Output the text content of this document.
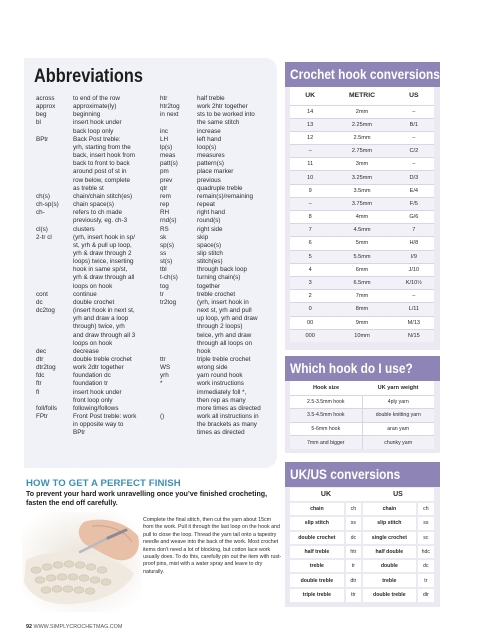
Abbreviations
across	to end of the row
approx	approximate(ly)
beg	beginning
bl	insert hook under
back loop only
BPtr	Back Post treble:
yrh, starting from the
back, insert hook from
back to front to back
around post of st in
row below, complete
as treble st
ch(s)	chain/chain stitch(es)
ch-sp(s)	chain space(s)
ch-	refers to ch made
previously, eg. ch-3
cl(s)	clusters
2-tr cl	(yrh, insert hook in sp/
st, yrh & pull up loop,
yrh & draw through 2
loops) twice, inserting
hook in same sp/st,
yrh & draw through all
loops on hook
cont	continue
dc	double crochet
dc2tog	(insert hook in next st,
yrh and draw a loop
through) twice, yrh
and draw through all 3
loops on hook
dec	decrease
dtr	double treble crochet
dtr2tog	work 2dtr together
fdc	foundation dc
ftr	foundation tr
fl	insert hook under
front loop only
foll/folls	following/follows
FPtr	Front Post treble: work
in opposite way to
BPtr
htr	half treble
htr2tog	work 2htr together
in next	sts to be worked into
the same stitch
inc	increase
LH	left hand
lp(s)	loop(s)
meas	measures
patt(s)	pattern(s)
pm	place marker
prev	previous
qtr	quadruple treble
rem	remain(s)/remaining
rep	repeat
RH	right hand
rnd(s)	round(s)
RS	right side
sk	skip
sp(s)	space(s)
ss	slip stitch
st(s)	stitch(es)
tbl	through back loop
t-ch(s)	turning chain(s)
tog	together
tr	treble crochet
tr2tog	(yrh, insert hook in
next st, yrh and pull
up loop, yrh and draw
through 2 loops)
twice, yrh and draw
through all loops on
hook
ttr	triple treble crochet
WS	wrong side
yrh	yarn round hook
*	work instructions
immediately foll *,
then rep as many
more times as directed
()	work all instructions in
the brackets as many
times as directed
Crochet hook conversions
UK	METRIC	US
14	2mm	–
13	2.25mm	B/1
12	2.5mm	–
–	2.75mm	C/2
11	3mm	–
10	3.25mm	D/3
9	3.5mm	E/4
–	3.75mm	F/5
8	4mm	G/6
7	4.5mm	7
6	5mm	H/8
5	5.5mm	I/9
4	6mm	J/10
3	6.5mm	K/10½
2	7mm	–
0	8mm	L/11
00	9mm	M/13
000	10mm	N/15
Which hook do I use?
Hook size	UK yarn weight
2.5-3.5mm hook	4ply yarn
3.5-4.5mm hook	double knitting yarn
5-6mm hook	aran yarn
7mm and bigger	chunky yarn
UK/US conversions
UK		US	
chain	ch	chain	ch
slip stitch	ss	slip stitch	ss
double crochet	dc	single crochet	sc
half treble	htr	half double	hdc
treble	tr	double	dc
double treble	dtr	treble	tr
triple treble	ttr	double treble	dtr
HOW TO GET A PERFECT FINISH
To prevent your hard work unravelling once you’ve finished crocheting, fasten the end off carefully.
Complete the final stitch, then cut the yarn about 15cm from the work. Pull it through the last loop on the hook and pull to close the loop. Thread the yarn tail onto a tapestry needle and weave into the back of the work. Most crochet items don’t need a lot of blocking, but cotton lace work usually does. To do this, carefully pin out the item with rust-proof pins, mist with a water spray and leave to dry naturally.
92 WWW.SIMPLYCROCHETMAG.COM
